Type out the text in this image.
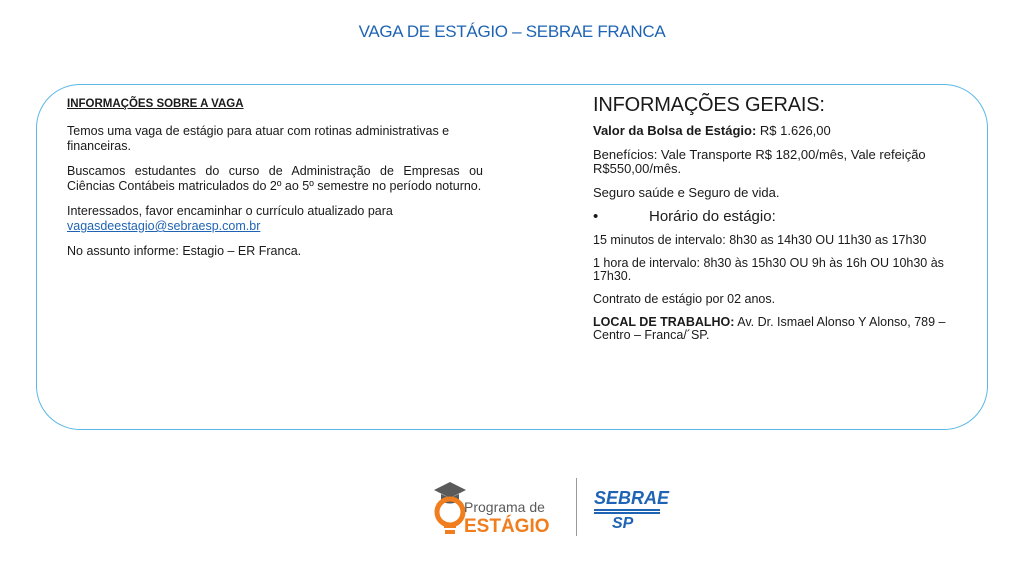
VAGA DE ESTÁGIO – SEBRAE FRANCA
INFORMAÇÕES SOBRE A VAGA

Temos uma vaga de estágio para atuar com rotinas administrativas e financeiras.

Buscamos estudantes do curso de Administração de Empresas ou Ciências Contábeis matriculados do 2º ao 5º semestre no período noturno.

Interessados, favor encaminhar o currículo atualizado para
vagasdeestagio@sebraesp.com.br

No assunto informe: Estagio – ER Franca.

INFORMAÇÕES GERAIS:
Valor da Bolsa de Estágio: R$ 1.626,00
Benefícios: Vale Transporte R$ 182,00/mês, Vale refeição R$550,00/mês.
Seguro saúde e Seguro de vida.
•	Horário do estágio:
15 minutos de intervalo: 8h30 as 14h30 OU 11h30 as 17h30
1 hora de intervalo: 8h30 às 15h30 OU 9h às 16h OU 10h30 às 17h30.
Contrato de estágio por 02 anos.
LOCAL DE TRABALHO: Av. Dr. Ismael Alonso Y Alonso, 789 – Centro – Franca/´SP.
Programa de
ESTÁGIO
SEBRAE
SP
